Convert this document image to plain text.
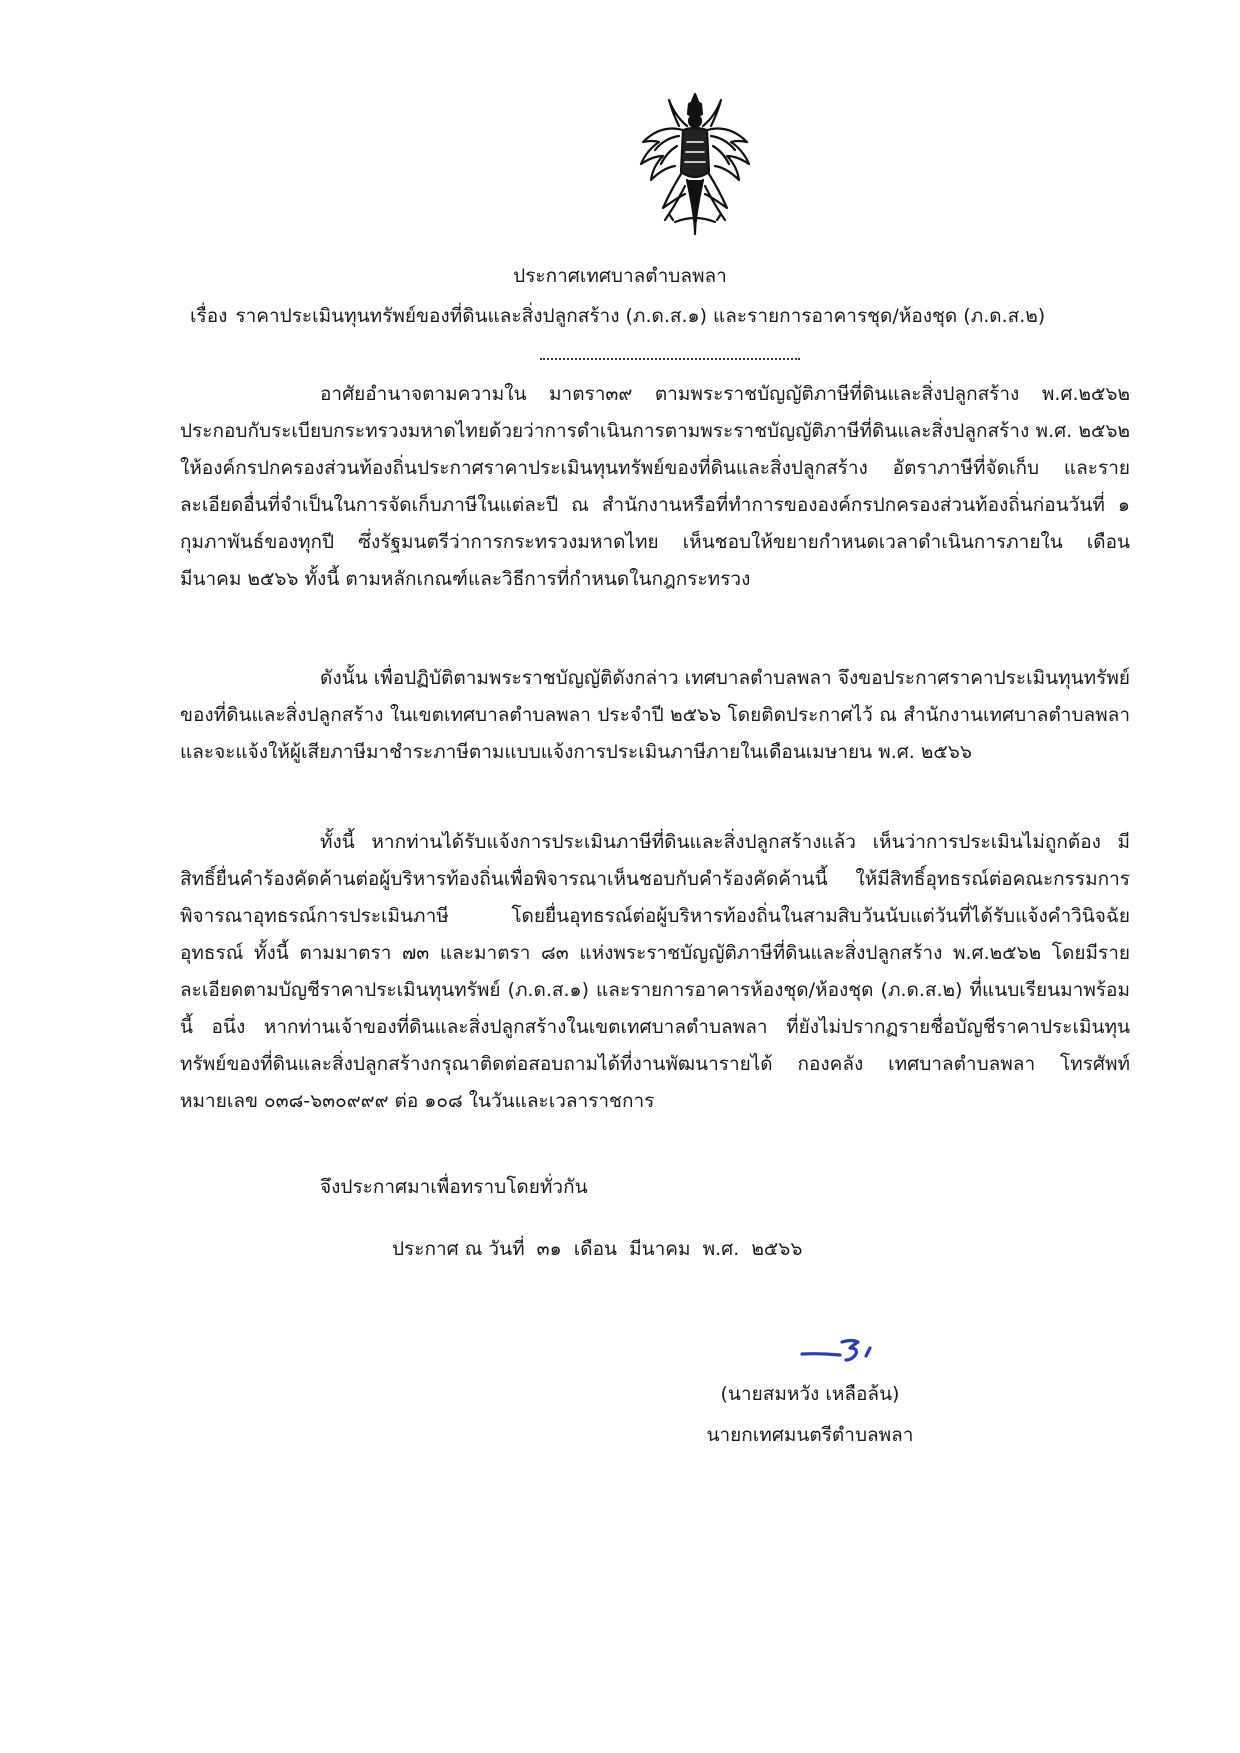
ประกาศเทศบาลตำบลพลา
เรื่อง ราคาประเมินทุนทรัพย์ของที่ดินและสิ่งปลูกสร้าง (ภ.ด.ส.๑) และรายการอาคารชุด/ห้องชุด (ภ.ด.ส.๒)

อาศัยอำนาจตามความใน มาตรา๓๙ ตามพระราชบัญญัติภาษีที่ดินและสิ่งปลูกสร้าง พ.ศ.๒๕๖๒ ประกอบกับระเบียบกระทรวงมหาดไทยด้วยว่าการดำเนินการตามพระราชบัญญัติภาษีที่ดินและสิ่งปลูกสร้าง พ.ศ. ๒๕๖๒ ให้องค์กรปกครองส่วนท้องถิ่นประกาศราคาประเมินทุนทรัพย์ของที่ดินและสิ่งปลูกสร้าง อัตราภาษีที่จัดเก็บ และรายละเอียดอื่นที่จำเป็นในการจัดเก็บภาษีในแต่ละปี ณ สำนักงานหรือที่ทำการขององค์กรปกครองส่วนท้องถิ่นก่อนวันที่ ๑ กุมภาพันธ์ของทุกปี ซึ่งรัฐมนตรีว่าการกระทรวงมหาดไทย เห็นชอบให้ขยายกำหนดเวลาดำเนินการภายใน เดือนมีนาคม ๒๕๖๖ ทั้งนี้ ตามหลักเกณฑ์และวิธีการที่กำหนดในกฎกระทรวง

ดังนั้น เพื่อปฏิบัติตามพระราชบัญญัติดังกล่าว เทศบาลตำบลพลา จึงขอประกาศราคาประเมินทุนทรัพย์ของที่ดินและสิ่งปลูกสร้าง ในเขตเทศบาลตำบลพลา ประจำปี ๒๕๖๖ โดยติดประกาศไว้ ณ สำนักงานเทศบาลตำบลพลา และจะแจ้งให้ผู้เสียภาษีมาชำระภาษีตามแบบแจ้งการประเมินภาษีภายในเดือนเมษายน พ.ศ. ๒๕๖๖

ทั้งนี้ หากท่านได้รับแจ้งการประเมินภาษีที่ดินและสิ่งปลูกสร้างแล้ว เห็นว่าการประเมินไม่ถูกต้อง มีสิทธิ์ยื่นคำร้องคัดค้านต่อผู้บริหารท้องถิ่นเพื่อพิจารณาเห็นชอบกับคำร้องคัดค้านนี้ ให้มีสิทธิ์อุทธรณ์ต่อคณะกรรมการพิจารณาอุทธรณ์การประเมินภาษี โดยยื่นอุทธรณ์ต่อผู้บริหารท้องถิ่นในสามสิบวันนับแต่วันที่ได้รับแจ้งคำวินิจฉัยอุทธรณ์ ทั้งนี้ ตามมาตรา ๗๓ และมาตรา ๘๓ แห่งพระราชบัญญัติภาษีที่ดินและสิ่งปลูกสร้าง พ.ศ.๒๕๖๒ โดยมีรายละเอียดตามบัญชีราคาประเมินทุนทรัพย์ (ภ.ด.ส.๑) และรายการอาคารห้องชุด/ห้องชุด (ภ.ด.ส.๒) ที่แนบเรียนมาพร้อมนี้ อนึ่ง หากท่านเจ้าของที่ดินและสิ่งปลูกสร้างในเขตเทศบาลตำบลพลา ที่ยังไม่ปรากฏรายชื่อบัญชีราคาประเมินทุนทรัพย์ของที่ดินและสิ่งปลูกสร้างกรุณาติดต่อสอบถามได้ที่งานพัฒนารายได้ กองคลัง เทศบาลตำบลพลา โทรศัพท์หมายเลข ๐๓๘-๖๓๐๙๙๙ ต่อ ๑๐๘ ในวันและเวลาราชการ

จึงประกาศมาเพื่อทราบโดยทั่วกัน
ประกาศ ณ วันที่  ๓๑  เดือน  มีนาคม  พ.ศ.  ๒๕๖๖
(นายสมหวัง เหลือล้น)
นายกเทศมนตรีตำบลพลา
